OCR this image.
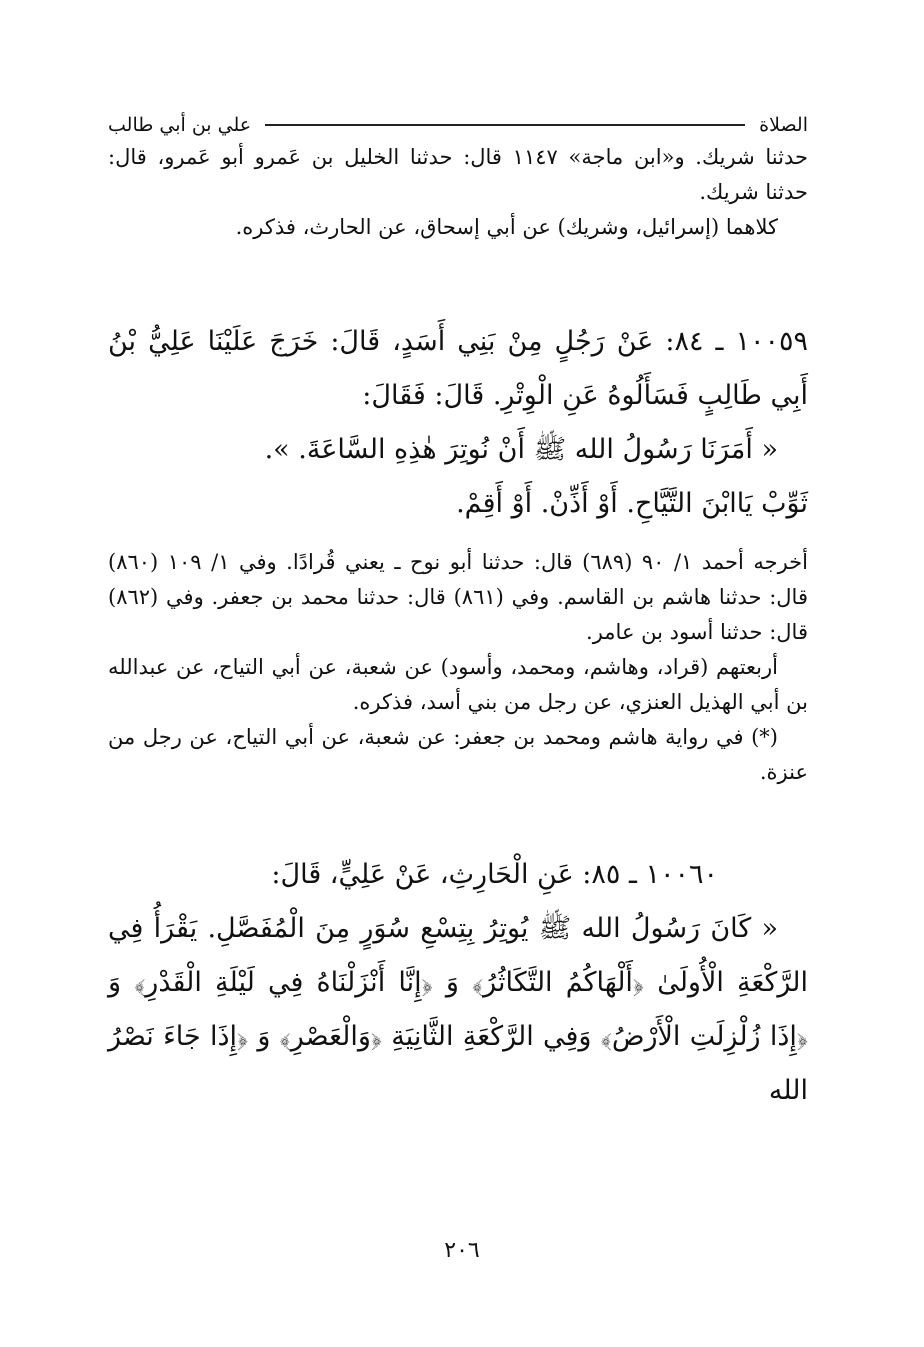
الصلاة
علي بن أبي طالب

حدثنا شريك. و«ابن ماجة» ١١٤٧ قال: حدثنا الخليل بن عَمرو أبو عَمرو، قال: حدثنا شريك.

كلاهما (إسرائيل، وشريك) عن أبي إسحاق، عن الحارث، فذكره.

١٠٠٥٩ ـ ٨٤: عَنْ رَجُلٍ مِنْ بَنِي أَسَدٍ، قَالَ: خَرَجَ عَلَيْنَا عَلِيُّ بْنُ أَبِي طَالِبٍ فَسَأَلُوهُ عَنِ الْوِتْرِ. قَالَ: فَقَالَ:

« أَمَرَنَا رَسُولُ الله ﷺ أَنْ نُوتِرَ هٰذِهِ السَّاعَةَ. ».

ثَوِّبْ يَاابْنَ التَّيَّاحِ. أَوْ أَذِّنْ. أَوْ أَقِمْ.

أخرجه أحمد ١/ ٩٠ (٦٨٩) قال: حدثنا أبو نوح ـ يعني قُرادًا. وفي ١/ ١٠٩ (٨٦٠) قال: حدثنا هاشم بن القاسم. وفي (٨٦١) قال: حدثنا محمد بن جعفر. وفي (٨٦٢) قال: حدثنا أسود بن عامر.

أربعتهم (قراد، وهاشم، ومحمد، وأسود) عن شعبة، عن أبي التياح، عن عبدالله بن أبي الهذيل العنزي، عن رجل من بني أسد، فذكره.

(*) في رواية هاشم ومحمد بن جعفر: عن شعبة، عن أبي التياح، عن رجل من عنزة.

١٠٠٦٠ ـ ٨٥: عَنِ الْحَارِثِ، عَنْ عَلِيٍّ، قَالَ:

« كَانَ رَسُولُ الله ﷺ يُوتِرُ بِتِسْعِ سُوَرٍ مِنَ الْمُفَصَّلِ. يَقْرَأُ فِي الرَّكْعَةِ الْأُولَىٰ ﴿أَلْهَاكُمُ التَّكَاثُرُ﴾ وَ ﴿إِنَّا أَنْزَلْنَاهُ فِي لَيْلَةِ الْقَدْرِ﴾ وَ ﴿إِذَا زُلْزِلَتِ الْأَرْضُ﴾ وَفِي الرَّكْعَةِ الثَّانِيَةِ ﴿وَالْعَصْرِ﴾ وَ ﴿إِذَا جَاءَ نَصْرُ الله

٢٠٦
